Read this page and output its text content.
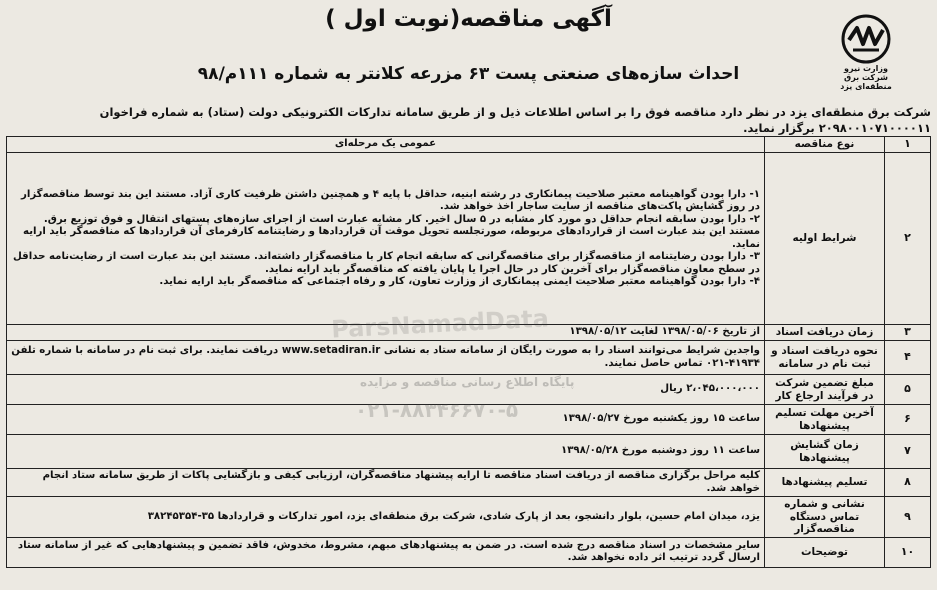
وزارت نیرو
شرکت برق منطقه‌ای یزد
آگهی مناقصه(نوبت اول )
احداث سازه‌های صنعتی پست ۶۳ مزرعه کلانتر به شماره ۱۱۱م/۹۸
شرکت برق منطقه‌ای یزد در نظر دارد مناقصه فوق را بر اساس اطلاعات ذیل و از طریق سامانه تدارکات الکترونیکی دولت (ستاد) به شماره فراخوان ۲۰۹۸۰۰۱۰۷۱۰۰۰۰۱۱ برگزار نماید.
۱	نوع مناقصه	عمومی یک مرحله‌ای
۲	شرایط اولیه	۱- دارا بودن گواهینامه معتبر صلاحیت پیمانکاری در رشته ابنیه، حداقل با پایه ۴ و همچنین داشتن ظرفیت کاری آزاد. مستند این بند توسط مناقصه‌گزار در روز گشایش پاکت‌های مناقصه از سایت ساجار اخذ خواهد شد.
۲- دارا بودن سابقه انجام حداقل دو مورد کار مشابه در ۵ سال اخیر. کار مشابه عبارت است از اجرای سازه‌های پستهای انتقال و فوق توزیع برق. مستند این بند عبارت است از قراردادهای مربوطه، صورتجلسه تحویل موقت آن قراردادها و رضایتنامه کارفرمای آن قراردادها که مناقصه‌گر باید ارایه نماید.
۳- دارا بودن رضایتنامه از مناقصه‌گزار برای مناقصه‌گرانی که سابقه انجام کار با مناقصه‌گزار داشته‌اند. مستند این بند عبارت است از رضایت‌نامه حداقل در سطح معاون مناقصه‌گزار برای آخرین کار در حال اجرا یا پایان یافته که مناقصه‌گر باید ارایه نماید.
۴- دارا بودن گواهینامه معتبر صلاحیت ایمنی پیمانکاری از وزارت تعاون، کار و رفاه اجتماعی که مناقصه‌گر باید ارایه نماید.
۳	زمان دریافت اسناد	از تاریخ ۱۳۹۸/۰۵/۰۶ لغایت ۱۳۹۸/۰۵/۱۲
۴	نحوه دریافت اسناد و ثبت نام در سامانه	واجدین شرایط می‌توانند اسناد را به صورت رایگان از سامانه ستاد به نشانی www.setadiran.ir دریافت نمایند. برای ثبت نام در سامانه با شماره تلفن ۴۱۹۳۴-۰۲۱ تماس حاصل نمایند.
۵	مبلغ تضمین شرکت در فرآیند ارجاع کار	۲،۰۴۵،۰۰۰،۰۰۰ ریال
۶	آخرین مهلت تسلیم پیشنهادها	ساعت ۱۵ روز یکشنبه مورخ ۱۳۹۸/۰۵/۲۷
۷	زمان گشایش پیشنهادها	ساعت ۱۱ روز دوشنبه مورخ ۱۳۹۸/۰۵/۲۸
۸	تسلیم پیشنهادها	کلیه مراحل برگزاری مناقصه از دریافت اسناد مناقصه تا ارایه پیشنهاد مناقصه‌گران، ارزیابی کیفی و بازگشایی پاکات از طریق سامانه ستاد انجام خواهد شد.
۹	نشانی و شماره تماس دستگاه مناقصه‌گزار	یزد، میدان امام حسین، بلوار دانشجو، بعد از پارک شادی، شرکت برق منطقه‌ای یزد، امور تدارکات و قراردادها ۳۵-۳۸۲۴۵۳۵۴
۱۰	توضیحات	سایر مشخصات در اسناد مناقصه درج شده است. در ضمن به پیشنهادهای مبهم، مشروط، مخدوش، فاقد تضمین و پیشنهادهایی که غیر از سامانه ستاد ارسال گردد ترتیب اثر داده نخواهد شد.
ParsNamadData
پایگاه اطلاع رسانی مناقصه و مزایده
۰۲۱-۸۸۳۴۶۶۷۰-۵
